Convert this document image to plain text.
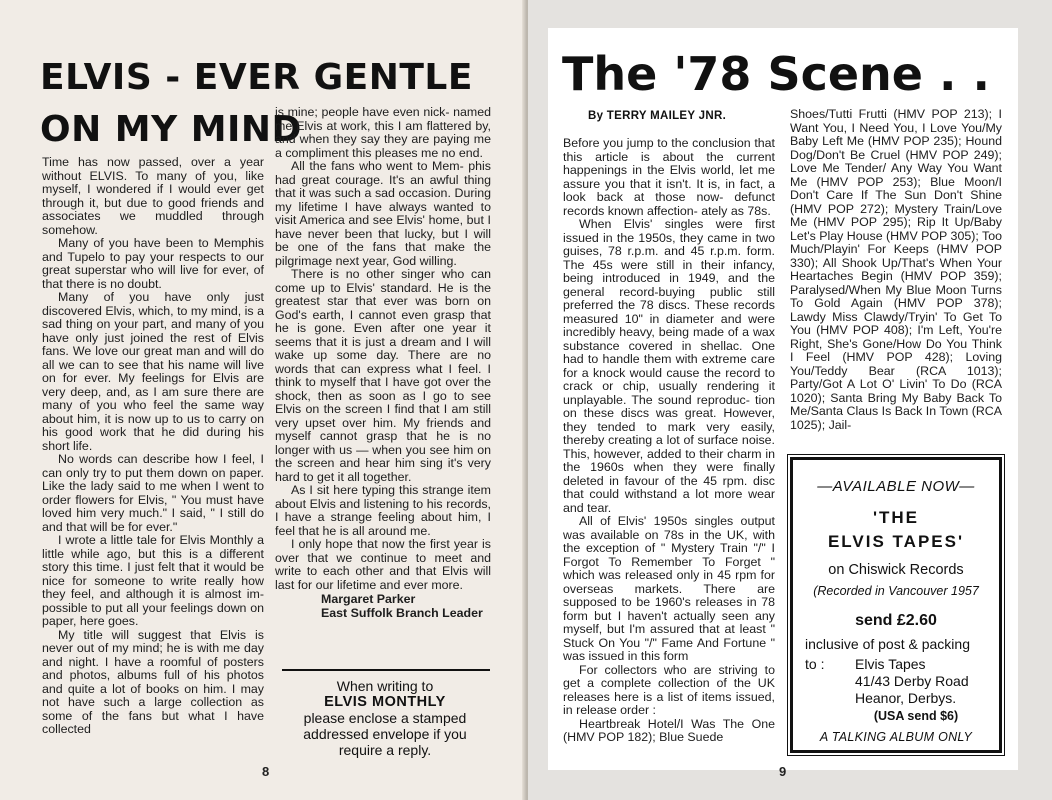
ELVIS - EVER GENTLE ON MY MIND

Time has now passed, over a year without ELVIS. To many of you, like myself, I wondered if I would ever get through it, but due to good friends and associates we muddled through somehow.

Many of you have been to Memphis and Tupelo to pay your respects to our great superstar who will live for ever, of that there is no doubt.

Many of you have only just discovered Elvis, which, to my mind, is a sad thing on your part, and many of you have only just joined the rest of Elvis fans. We love our great man and will do all we can to see that his name will live on for ever. My feelings for Elvis are very deep, and, as I am sure there are many of you who feel the same way about him, it is now up to us to carry on his good work that he did during his short life.

No words can describe how I feel, I can only try to put them down on paper. Like the lady said to me when I went to order flowers for Elvis, " You must have loved him very much." I said, " I still do and that will be for ever."

I wrote a little tale for Elvis Monthly a little while ago, but this is a different story this time. I just felt that it would be nice for someone to write really how they feel, and although it is almost im- possible to put all your feelings down on paper, here goes.

My title will suggest that Elvis is never out of my mind; he is with me day and night. I have a roomful of posters and photos, albums full of his photos and quite a lot of books on him. I may not have such a large collection as some of the fans but what I have collected

is mine; people have even nick- named me Elvis at work, this I am flattered by, and when they say they are paying me a compliment this pleases me no end.

All the fans who went to Mem- phis had great courage. It's an awful thing that it was such a sad occasion. During my lifetime I have always wanted to visit America and see Elvis' home, but I have never been that lucky, but I will be one of the fans that make the pilgrimage next year, God willing.

There is no other singer who can come up to Elvis' standard. He is the greatest star that ever was born on God's earth, I cannot even grasp that he is gone. Even after one year it seems that it is just a dream and I will wake up some day. There are no words that can express what I feel. I think to myself that I have got over the shock, then as soon as I go to see Elvis on the screen I find that I am still very upset over him. My friends and myself cannot grasp that he is no longer with us — when you see him on the screen and hear him sing it's very hard to get it all together.

As I sit here typing this strange item about Elvis and listening to his records, I have a strange feeling about him, I feel that he is all around me.

I only hope that now the first year is over that we continue to meet and write to each other and that Elvis will last for our lifetime and ever more.

Margaret Parker
East Suffolk Branch Leader
When writing to
ELVIS MONTHLY
please enclose a stamped
addressed envelope if you
require a reply.
8
The '78 Scene . .
By TERRY MAILEY JNR.

Before you jump to the conclusion that this article is about the current happenings in the Elvis world, let me assure you that it isn't. It is, in fact, a look back at those now- defunct records known affection- ately as 78s.

When Elvis' singles were first issued in the 1950s, they came in two guises, 78 r.p.m. and 45 r.p.m. form. The 45s were still in their infancy, being introduced in 1949, and the general record-buying public still preferred the 78 discs. These records measured 10" in diameter and were incredibly heavy, being made of a wax substance covered in shellac. One had to handle them with extreme care for a knock would cause the record to crack or chip, usually rendering it unplayable. The sound reproduc- tion on these discs was great. However, they tended to mark very easily, thereby creating a lot of surface noise. This, however, added to their charm in the 1960s when they were finally deleted in favour of the 45 rpm. disc that could withstand a lot more wear and tear.

All of Elvis' 1950s singles output was available on 78s in the UK, with the exception of " Mystery Train "/" I Forgot To Remember To Forget " which was released only in 45 rpm for overseas markets. There are supposed to be 1960's releases in 78 form but I haven't actually seen any myself, but I'm assured that at least " Stuck On You "/" Fame And Fortune " was issued in this form

For collectors who are striving to get a complete collection of the UK releases here is a list of items issued, in release order :

Heartbreak Hotel/I Was The One (HMV POP 182); Blue Suede

Shoes/Tutti Frutti (HMV POP 213); I Want You, I Need You, I Love You/My Baby Left Me (HMV POP 235); Hound Dog/Don't Be Cruel (HMV POP 249); Love Me Tender/ Any Way You Want Me (HMV POP 253); Blue Moon/I Don't Care If The Sun Don't Shine (HMV POP 272); Mystery Train/Love Me (HMV POP 295); Rip It Up/Baby Let's Play House (HMV POP 305); Too Much/Playin' For Keeps (HMV POP 330); All Shook Up/That's When Your Heartaches Begin (HMV POP 359); Paralysed/When My Blue Moon Turns To Gold Again (HMV POP 378); Lawdy Miss Clawdy/Tryin' To Get To You (HMV POP 408); I'm Left, You're Right, She's Gone/How Do You Think I Feel (HMV POP 428); Loving You/Teddy Bear (RCA 1013); Party/Got A Lot O' Livin' To Do (RCA 1020); Santa Bring My Baby Back To Me/Santa Claus Is Back In Town (RCA 1025); Jail-

—AVAILABLE NOW—
'THE
ELVIS TAPES'
on Chiswick Records
(Recorded in Vancouver 1957
send £2.60
inclusive of post & packing
to : Elvis Tapes
41/43 Derby Road
Heanor, Derbys.
(USA send $6)
A TALKING ALBUM ONLY
9
